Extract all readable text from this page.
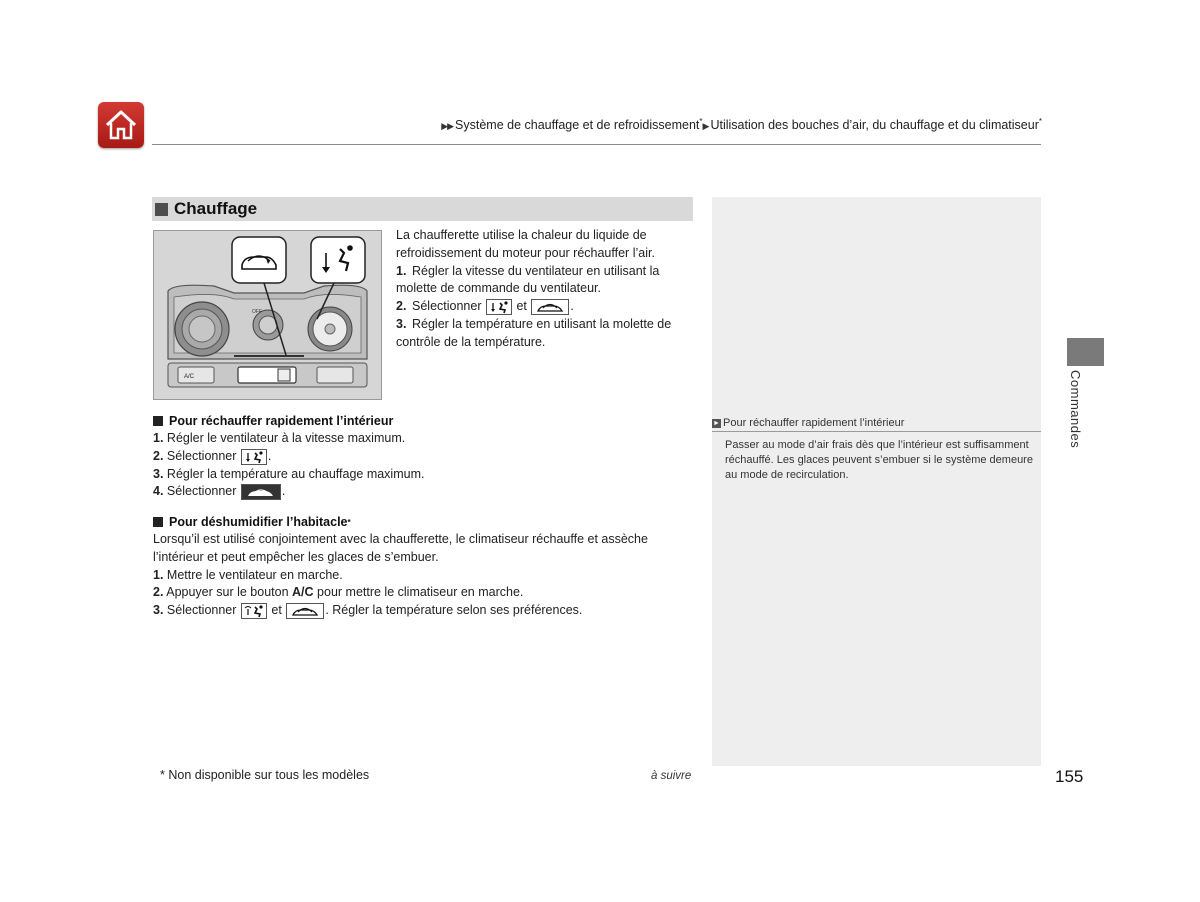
▶▶ Système de chauffage et de refroidissement*▶ Utilisation des bouches d’air, du chauffage et du climatiseur*
Chauffage
OFF
A/C
La chaufferette utilise la chaleur du liquide de refroidissement du moteur pour réchauffer l’air.
1. Régler la vitesse du ventilateur en utilisant la molette de commande du ventilateur.
2. Sélectionner	et	.
3. Régler la température en utilisant la molette de contrôle de la température.
Pour réchauffer rapidement l’intérieur
1. Régler le ventilateur à la vitesse maximum.
2. Sélectionner	.
3. Régler la température au chauffage maximum.
4. Sélectionner	.
Pour déshumidifier l’habitacle *
Lorsqu’il est utilisé conjointement avec la chaufferette, le climatiseur réchauffe et assèche l’intérieur et peut empêcher les glaces de s’embuer.
1. Mettre le ventilateur en marche.
2. Appuyer sur le bouton A/C pour mettre le climatiseur en marche.
3. Sélectionner	et	. Régler la température selon ses préférences.
► Pour réchauffer rapidement l’intérieur
Passer au mode d’air frais dès que l’intérieur est suffisamment réchauffé. Les glaces peuvent s’embuer si le système demeure au mode de recirculation.
Commandes
* Non disponible sur tous les modèles	à suivre	155
